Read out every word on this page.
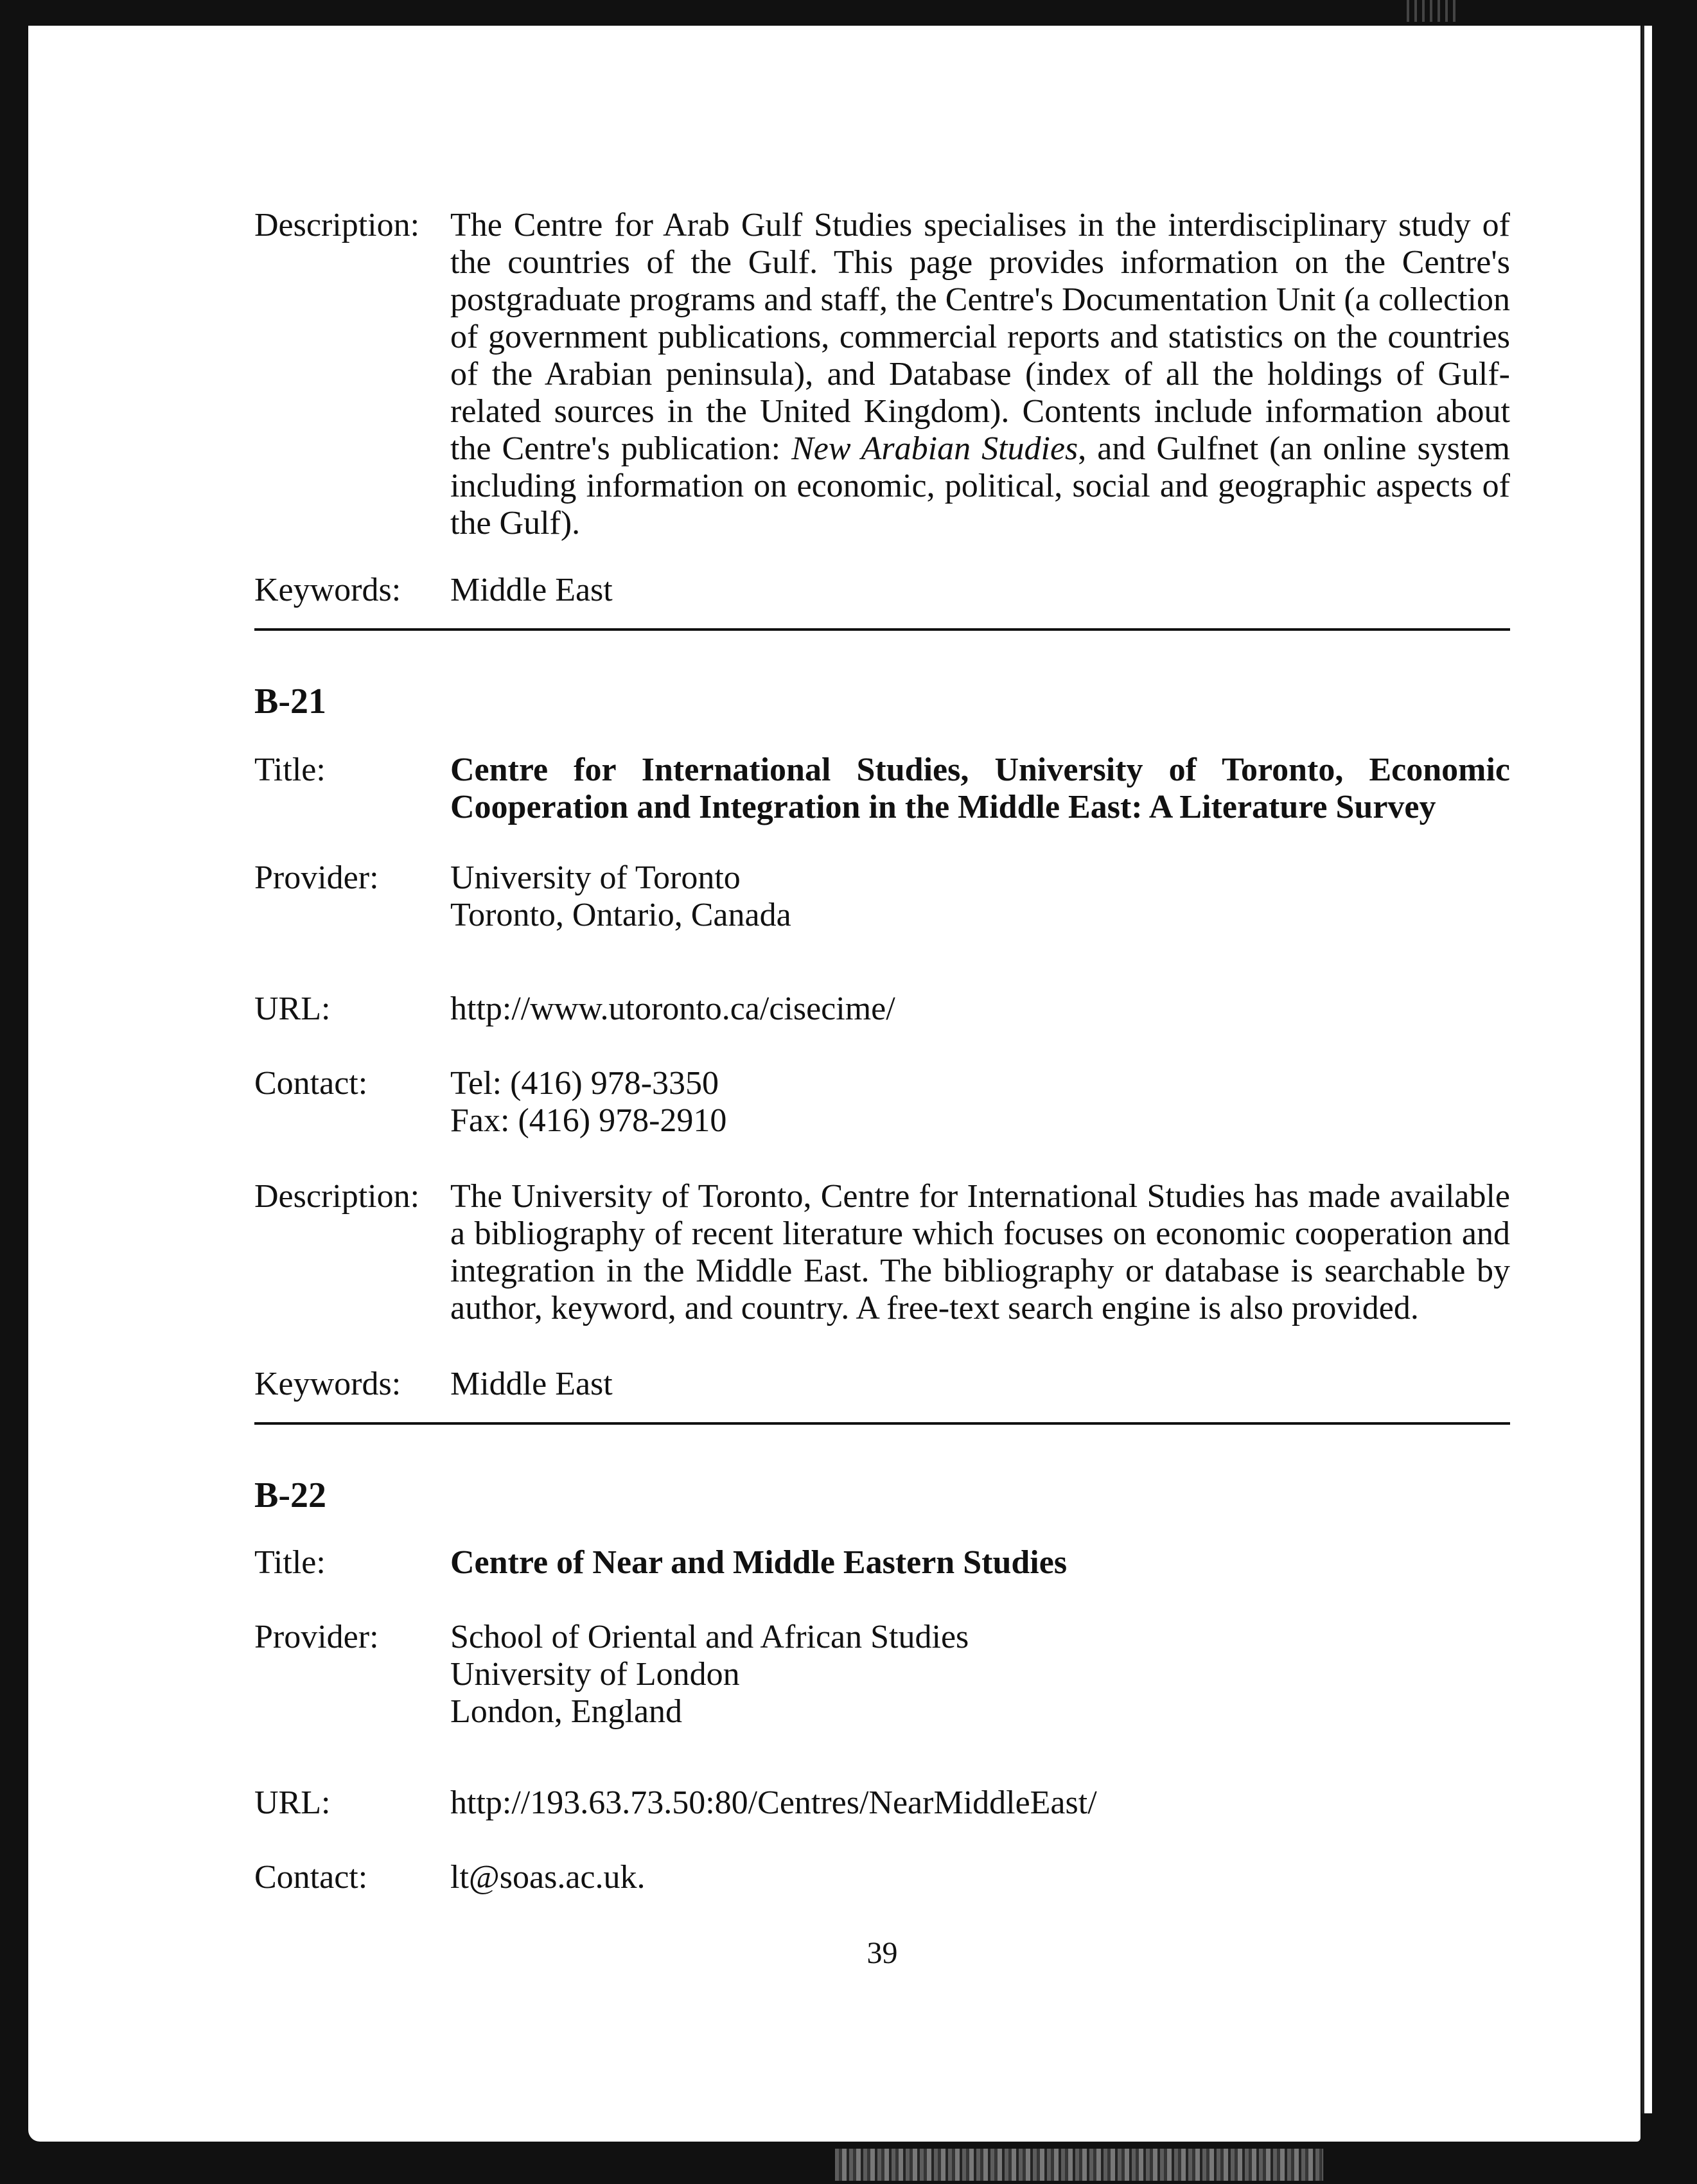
Description: The Centre for Arab Gulf Studies specialises in the interdisciplinary study of the countries of the Gulf. This page provides information on the Centre's postgraduate programs and staff, the Centre's Documentation Unit (a collection of government publications, commercial reports and statistics on the countries of the Arabian peninsula), and Database (index of all the holdings of Gulf-related sources in the United Kingdom). Contents include information about the Centre's publication: New Arabian Studies, and Gulfnet (an online system including information on economic, political, social and geographic aspects of the Gulf).
Keywords:	Middle East
B-21
Title:	Centre for International Studies, University of Toronto, Economic Cooperation and Integration in the Middle East: A Literature Survey
Provider:	University of Toronto
Toronto, Ontario, Canada
URL:	http://www.utoronto.ca/cisecime/
Contact:	Tel: (416) 978-3350
Fax: (416) 978-2910
Description: The University of Toronto, Centre for International Studies has made available a bibliography of recent literature which focuses on economic cooperation and integration in the Middle East. The bibliography or database is searchable by author, keyword, and country. A free-text search engine is also provided.
Keywords:	Middle East
B-22
Title:	Centre of Near and Middle Eastern Studies
Provider:	School of Oriental and African Studies
University of London
London, England
URL:	http://193.63.73.50:80/Centres/NearMiddleEast/
Contact:	lt@soas.ac.uk.
39
